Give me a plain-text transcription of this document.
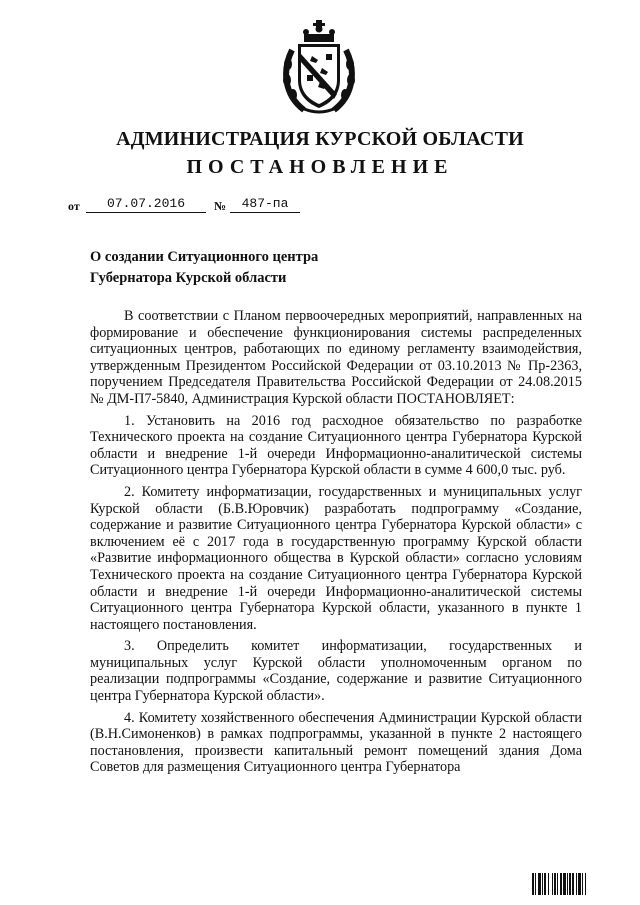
АДМИНИСТРАЦИЯ КУРСКОЙ ОБЛАСТИ
ПОСТАНОВЛЕНИЕ
от	07.07.2016	№	487-па
О создании Ситуационного центра
Губернатора Курской области

В соответствии с Планом первоочередных мероприятий, направленных на формирование и обеспечение функционирования системы распределенных ситуационных центров, работающих по единому регламенту взаимодействия, утвержденным Президентом Российской Федерации от 03.10.2013 № Пр-2363, поручением Председателя Правительства Российской Федерации от 24.08.2015 № ДМ-П7-5840, Администрация Курской области ПОСТАНОВЛЯЕТ:

1. Установить на 2016 год расходное обязательство по разработке Технического проекта на создание Ситуационного центра Губернатора Курской области и внедрение 1-й очереди Информационно-аналитической системы Ситуационного центра Губернатора Курской области в сумме 4 600,0 тыс. руб.

2. Комитету информатизации, государственных и муниципальных услуг Курской области (Б.В.Юровчик) разработать подпрограмму «Создание, содержание и развитие Ситуационного центра Губернатора Курской области» с включением её с 2017 года в государственную программу Курской области «Развитие информационного общества в Курской области» согласно условиям Технического проекта на создание Ситуационного центра Губернатора Курской области и внедрение 1-й очереди Информационно-аналитической системы Ситуационного центра Губернатора Курской области, указанного в пункте 1 настоящего постановления.

3. Определить комитет информатизации, государственных и муниципальных услуг Курской области уполномоченным органом по реализации подпрограммы «Создание, содержание и развитие Ситуационного центра Губернатора Курской области».

4. Комитету хозяйственного обеспечения Администрации Курской области (В.Н.Симоненков) в рамках подпрограммы, указанной в пункте 2 настоящего постановления, произвести капитальный ремонт помещений здания Дома Советов для размещения Ситуационного центра Губернатора
